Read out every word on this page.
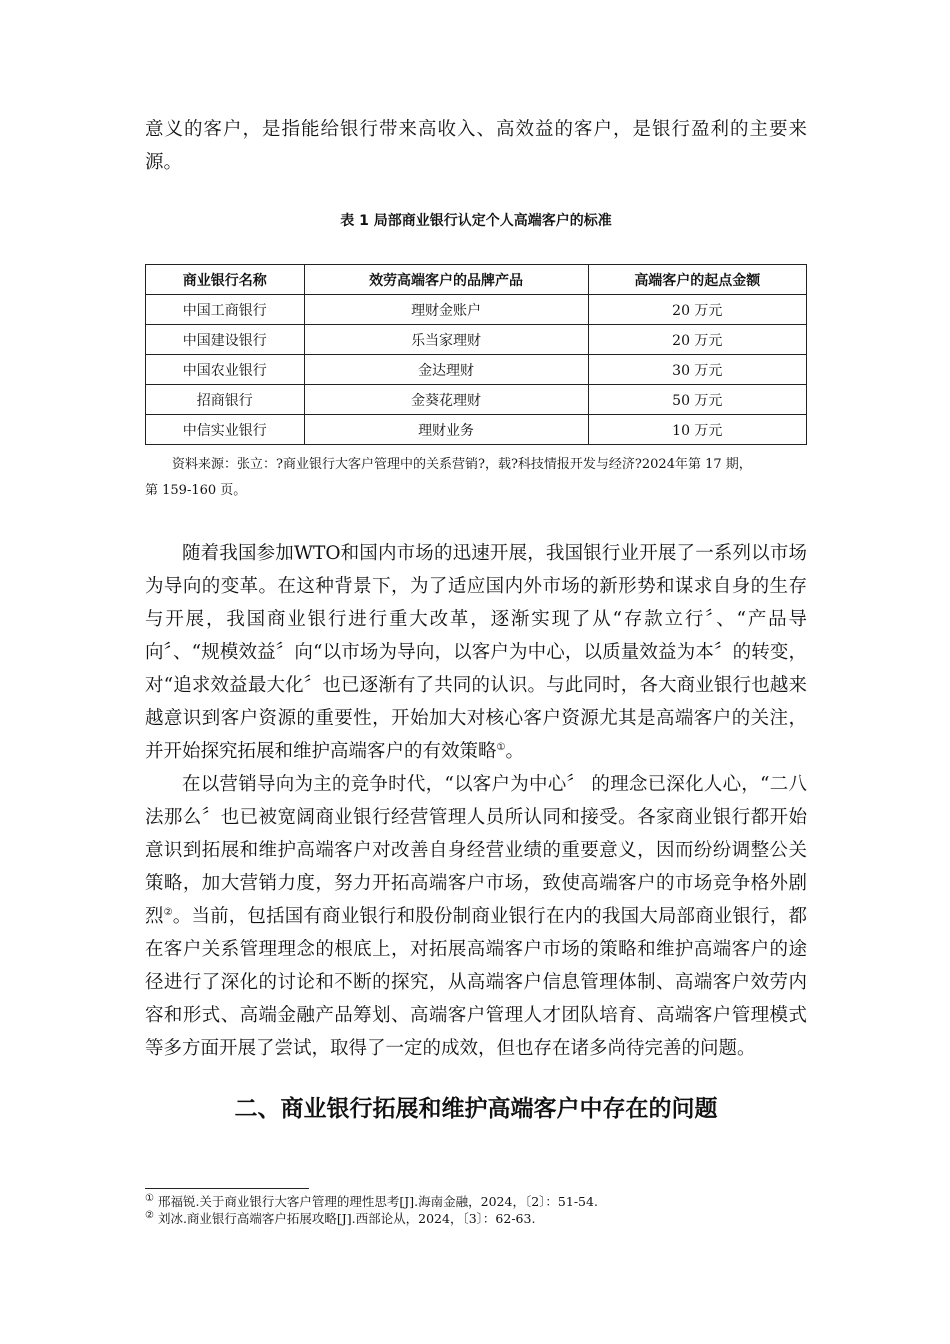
意义的客户，是指能给银行带来高收入、高效益的客户，是银行盈利的主要来源。

表 1 局部商业银行认定个人高端客户的标准
商业银行名称	效劳高端客户的品牌产品	高端客户的起点金额
中国工商银行	理财金账户	20 万元
中国建设银行	乐当家理财	20 万元
中国农业银行	金达理财	30 万元
招商银行	金葵花理财	50 万元
中信实业银行	理财业务	10 万元

资料来源：张立：?商业银行大客户管理中的关系营销?，载?科技情报开发与经济?2024年第 17 期，
第 159-160 页。

随着我国参加WTO和国内市场的迅速开展，我国银行业开展了一系列以市场为导向的变革。在这种背景下，为了适应国内外市场的新形势和谋求自身的生存与开展，我国商业银行进行重大改革，逐渐实现了从“存款立行〞、“产品导向〞、“规模效益〞向“以市场为导向，以客户为中心，以质量效益为本〞的转变，对“追求效益最大化〞也已逐渐有了共同的认识。与此同时，各大商业银行也越来越意识到客户资源的重要性，开始加大对核心客户资源尤其是高端客户的关注，并开始探究拓展和维护高端客户的有效策略①。

在以营销导向为主的竞争时代，“以客户为中心〞 的理念已深化人心，“二八法那么〞也已被宽阔商业银行经营管理人员所认同和接受。各家商业银行都开始意识到拓展和维护高端客户对改善自身经营业绩的重要意义，因而纷纷调整公关策略，加大营销力度，努力开拓高端客户市场，致使高端客户的市场竞争格外剧烈②。当前，包括国有商业银行和股份制商业银行在内的我国大局部商业银行，都在客户关系管理理念的根底上，对拓展高端客户市场的策略和维护高端客户的途径进行了深化的讨论和不断的探究，从高端客户信息管理体制、高端客户效劳内容和形式、高端金融产品筹划、高端客户管理人才团队培育、高端客户管理模式等多方面开展了尝试，取得了一定的成效，但也存在诸多尚待完善的问题。

二、商业银行拓展和维护高端客户中存在的问题
① 邢福锐.关于商业银行大客户管理的理性思考[J].海南金融，2024，〔2〕：51-54.
② 刘冰.商业银行高端客户拓展攻略[J].西部论从，2024，〔3〕：62-63.
